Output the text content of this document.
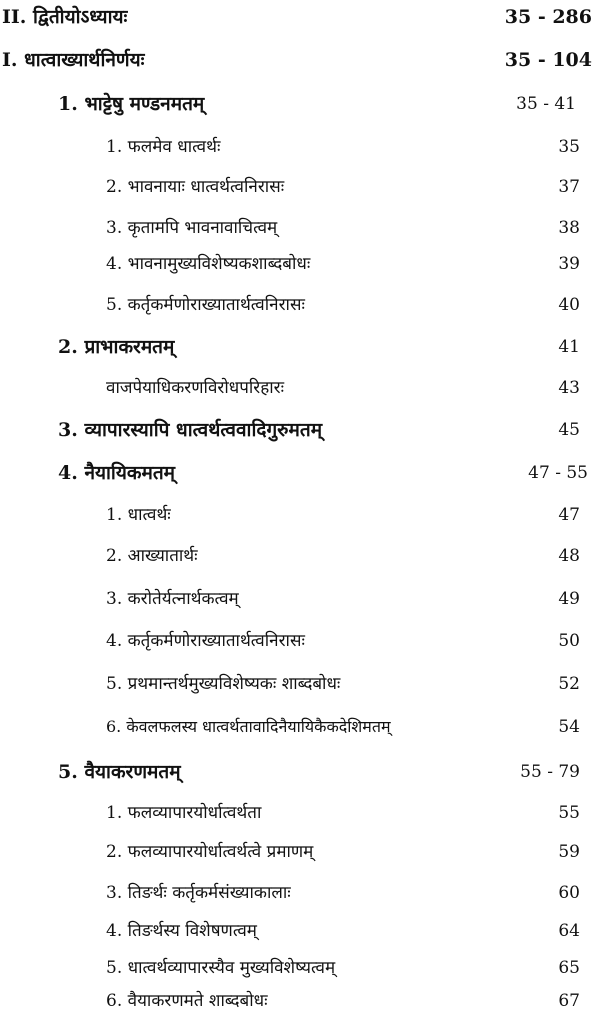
II. द्वितीयोऽध्यायः	35 - 286
I. धात्वाख्यार्थनिर्णयः	35 - 104
1. भाट्टेषु मण्डनमतम्	35 - 41
1. फलमेव धात्वर्थः	35
2. भावनायाः धात्वर्थत्वनिरासः	37
3. कृतामपि भावनावाचित्वम्	38
4. भावनामुख्यविशेष्यकशाब्दबोधः	39
5. कर्तृकर्मणोराख्यातार्थत्वनिरासः	40
2. प्राभाकरमतम्	41
वाजपेयाधिकरणविरोधपरिहारः	43
3. व्यापारस्यापि धात्वर्थत्ववादिगुरुमतम्	45
4. नैयायिकमतम्	47 - 55
1. धात्वर्थः	47
2. आख्यातार्थः	48
3. करोतेर्यत्नार्थकत्वम्	49
4. कर्तृकर्मणोराख्यातार्थत्वनिरासः	50
5. प्रथमान्तर्थमुख्यविशेष्यकः शाब्दबोधः	52
6. केवलफलस्य धात्वर्थतावादिनैयायिकैकदेशिमतम्	54
5. वैयाकरणमतम्	55 - 79
1. फलव्यापारयोर्धात्वर्थता	55
2. फलव्यापारयोर्धात्वर्थत्वे प्रमाणम्	59
3. तिङर्थः कर्तृकर्मसंख्याकालाः	60
4. तिङर्थस्य विशेषणत्वम्	64
5. धात्वर्थव्यापारस्यैव मुख्यविशेष्यत्वम्	65
6. वैयाकरणमते शाब्दबोधः	67
